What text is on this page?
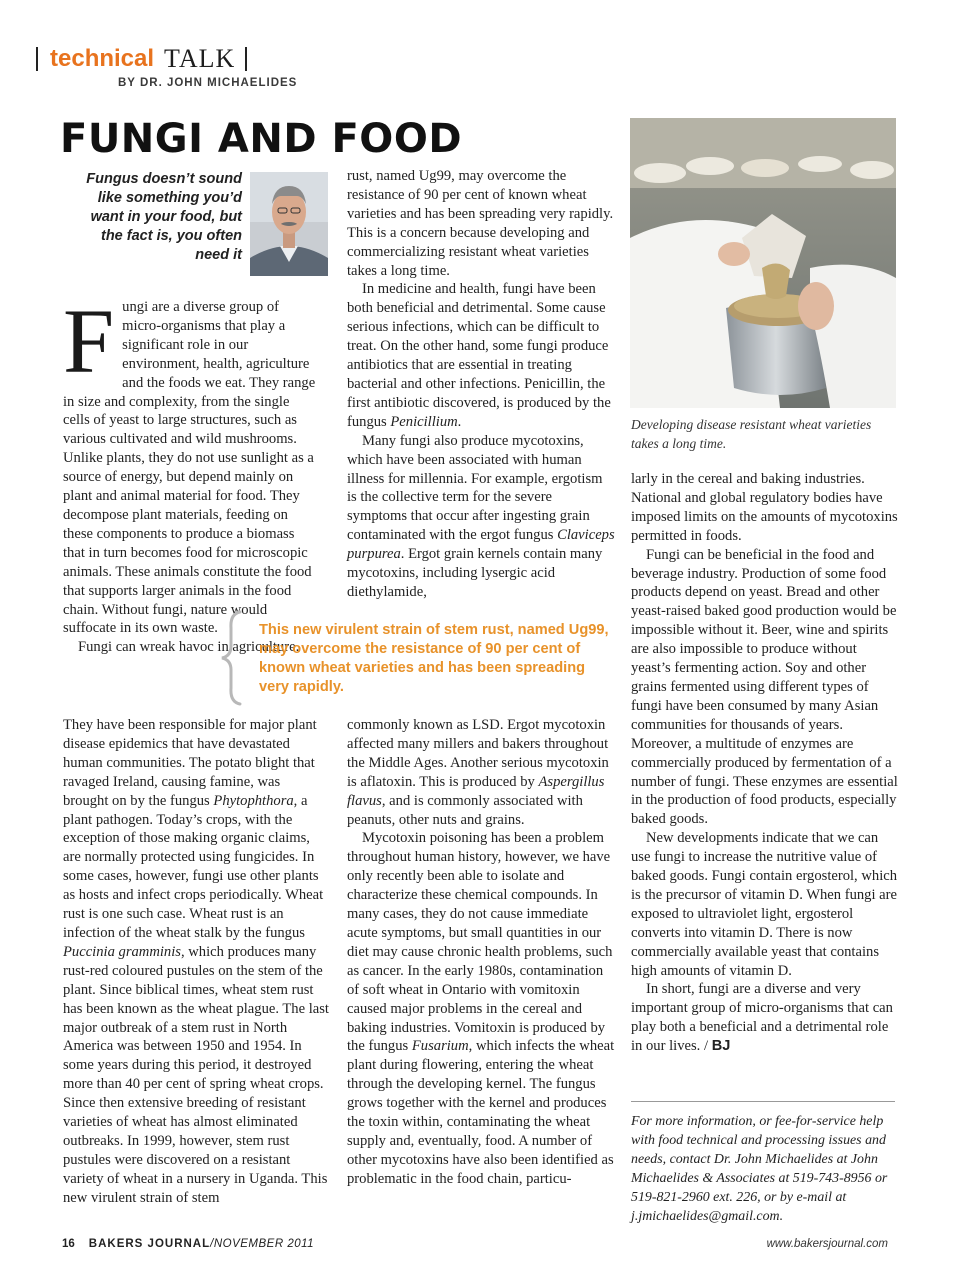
technical TALK
BY DR. JOHN MICHAELIDES
FUNGI AND FOOD
Fungus doesn’t sound like something you’d want in your food, but the fact is, you often need it

Fungi are a diverse group of micro-organisms that play a significant role in our environment, health, agriculture and the foods we eat. They range in size and complexity, from the single cells of yeast to large structures, such as various cultivated and wild mushrooms. Unlike plants, they do not use sunlight as a source of energy, but depend mainly on plant and animal material for food. They decompose plant materials, feeding on these components to produce a biomass that in turn becomes food for microscopic animals. These animals constitute the food that supports larger animals in the food chain. Without fungi, nature would suffocate in its own waste.

Fungi can wreak havoc in agriculture.

They have been responsible for major plant disease epidemics that have devastated human communities. The potato blight that ravaged Ireland, causing famine, was brought on by the fungus Phytophthora, a plant pathogen. Today’s crops, with the exception of those making organic claims, are normally protected using fungicides. In some cases, however, fungi use other plants as hosts and infect crops periodically. Wheat rust is one such case. Wheat rust is an infection of the wheat stalk by the fungus Puccinia gramminis, which produces many rust-red coloured pustules on the stem of the plant. Since biblical times, wheat stem rust has been known as the wheat plague. The last major outbreak of a stem rust in North America was between 1950 and 1954. In some years during this period, it destroyed more than 40 per cent of spring wheat crops. Since then extensive breeding of resistant varieties of wheat has almost eliminated outbreaks. In 1999, however, stem rust pustules were discovered on a resistant variety of wheat in a nursery in Uganda. This new virulent strain of stem

rust, named Ug99, may overcome the resistance of 90 per cent of known wheat varieties and has been spreading very rapidly. This is a concern because developing and commercializing resistant wheat varieties takes a long time.

In medicine and health, fungi have been both beneficial and detrimental. Some cause serious infections, which can be difficult to treat. On the other hand, some fungi produce antibiotics that are essential in treating bacterial and other infections. Penicillin, the first antibiotic discovered, is produced by the fungus Penicillium.

Many fungi also produce mycotoxins, which have been associated with human illness for millennia. For example, ergotism is the collective term for the severe symptoms that occur after ingesting grain contaminated with the ergot fungus Claviceps purpurea. Ergot grain kernels contain many mycotoxins, including lysergic acid diethylamide,

commonly known as LSD. Ergot mycotoxin affected many millers and bakers throughout the Middle Ages. Another serious mycotoxin is aflatoxin. This is produced by Aspergillus flavus, and is commonly associated with peanuts, other nuts and grains.

Mycotoxin poisoning has been a problem throughout human history, however, we have only recently been able to isolate and characterize these chemical compounds. In many cases, they do not cause immediate acute symptoms, but small quantities in our diet may cause chronic health problems, such as cancer. In the early 1980s, contamination of soft wheat in Ontario with vomitoxin caused major problems in the cereal and baking industries. Vomitoxin is produced by the fungus Fusarium, which infects the wheat plant during flowering, entering the wheat through the developing kernel. The fungus grows together with the kernel and produces the toxin within, contaminating the wheat supply and, eventually, food. A number of other mycotoxins have also been identified as problematic in the food chain, particu-

This new virulent strain of stem rust, named Ug99, may overcome the resistance of 90 per cent of known wheat varieties and has been spreading very rapidly.
Developing disease resistant wheat varieties takes a long time.

larly in the cereal and baking industries. National and global regulatory bodies have imposed limits on the amounts of mycotoxins permitted in foods.

Fungi can be beneficial in the food and beverage industry. Production of some food products depend on yeast. Bread and other yeast-raised baked good production would be impossible without it. Beer, wine and spirits are also impossible to produce without yeast’s fermenting action. Soy and other grains fermented using different types of fungi have been consumed by many Asian communities for thousands of years. Moreover, a multitude of enzymes are commercially produced by fermentation of a number of fungi. These enzymes are essential in the production of food products, especially baked goods.

New developments indicate that we can use fungi to increase the nutritive value of baked goods. Fungi contain ergosterol, which is the precursor of vitamin D. When fungi are exposed to ultraviolet light, ergosterol converts into vitamin D. There is now commercially available yeast that contains high amounts of vitamin D.

In short, fungi are a diverse and very important group of micro-organisms that can play both a beneficial and a detrimental role in our lives. / BJ

For more information, or fee-for-service help with food technical and processing issues and needs, contact Dr. John Michaelides at John Michaelides & Associates at 519-743-8956 or 519-821-2960 ext. 226, or by e-mail at j.jmichaelides@gmail.com.
16 BAKERS JOURNAL/NOVEMBER 2011	www.bakersjournal.com
